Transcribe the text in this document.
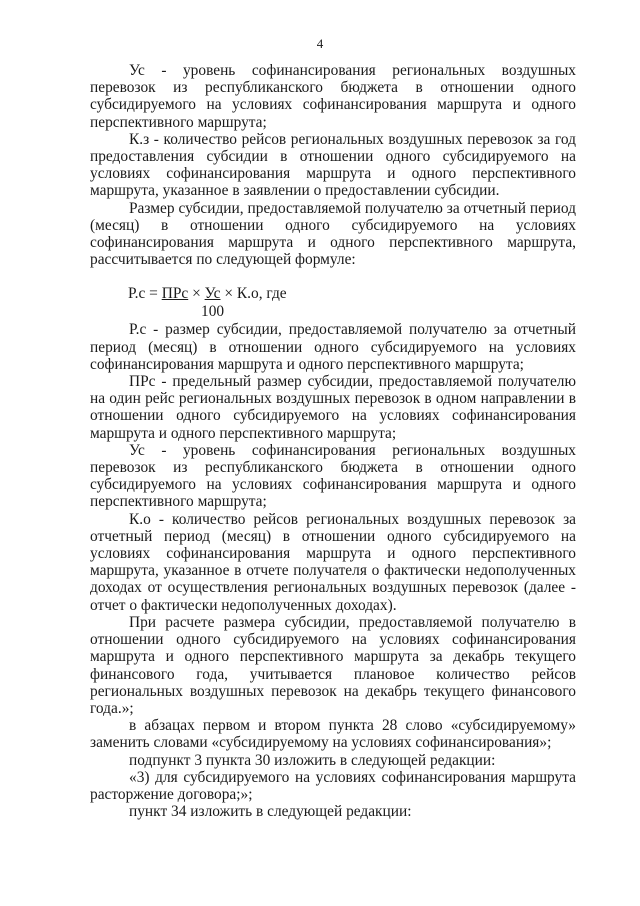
4

Ус - уровень софинансирования региональных воздушных перевозок из республиканского бюджета в отношении одного субсидируемого на условиях софинансирования маршрута и одного перспективного маршрута;

К.з - количество рейсов региональных воздушных перевозок за год предоставления субсидии в отношении одного субсидируемого на условиях софинансирования маршрута и одного перспективного маршрута, указанное в заявлении о предоставлении субсидии.

Размер субсидии, предоставляемой получателю за отчетный период (месяц) в отношении одного субсидируемого на условиях софинансирования маршрута и одного перспективного маршрута, рассчитывается по следующей формуле:

Р.с = ПРс × Ус × К.о, где
100

Р.с - размер субсидии, предоставляемой получателю за отчетный период (месяц) в отношении одного субсидируемого на условиях софинансирования маршрута и одного перспективного маршрута;

ПРс - предельный размер субсидии, предоставляемой получателю на один рейс региональных воздушных перевозок в одном направлении в отношении одного субсидируемого на условиях софинансирования маршрута и одного перспективного маршрута;

Ус - уровень софинансирования региональных воздушных перевозок из республиканского бюджета в отношении одного субсидируемого на условиях софинансирования маршрута и одного перспективного маршрута;

К.о - количество рейсов региональных воздушных перевозок за отчетный период (месяц) в отношении одного субсидируемого на условиях софинансирования маршрута и одного перспективного маршрута, указанное в отчете получателя о фактически недополученных доходах от осуществления региональных воздушных перевозок (далее - отчет о фактически недополученных доходах).

При расчете размера субсидии, предоставляемой получателю в отношении одного субсидируемого на условиях софинансирования маршрута и одного перспективного маршрута за декабрь текущего финансового года, учитывается плановое количество рейсов региональных воздушных перевозок на декабрь текущего финансового года.»;

в абзацах первом и втором пункта 28 слово «субсидируемому» заменить словами «субсидируемому на условиях софинансирования»;

подпункт 3 пункта 30 изложить в следующей редакции:

«3) для субсидируемого на условиях софинансирования маршрута расторжение договора;»;

пункт 34 изложить в следующей редакции:
